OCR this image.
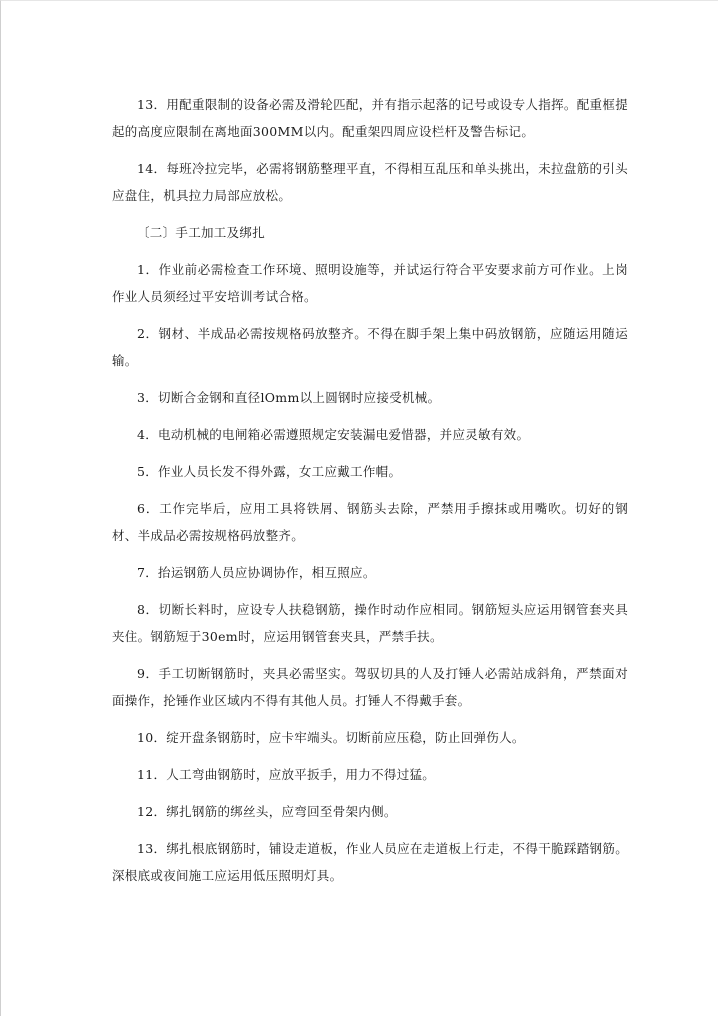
13．用配重限制的设备必需及滑轮匹配，并有指示起落的记号或设专人指挥。配重框提起的高度应限制在离地面300MM以内。配重架四周应设栏杆及警告标记。

14．每班冷拉完毕，必需将钢筋整理平直，不得相互乱压和单头挑出，未拉盘筋的引头应盘住，机具拉力局部应放松。

〔二〕手工加工及绑扎

1．作业前必需检查工作环境、照明设施等，并试运行符合平安要求前方可作业。上岗作业人员须经过平安培训考试合格。

2．钢材、半成品必需按规格码放整齐。不得在脚手架上集中码放钢筋，应随运用随运输。

3．切断合金钢和直径lOmm以上圆钢时应接受机械。

4．电动机械的电闸箱必需遵照规定安装漏电爱惜器，并应灵敏有效。

5．作业人员长发不得外露，女工应戴工作帽。

6．工作完毕后，应用工具将铁屑、钢筋头去除，严禁用手擦抹或用嘴吹。切好的钢材、半成品必需按规格码放整齐。

7．抬运钢筋人员应协调协作，相互照应。

8．切断长料时，应设专人扶稳钢筋，操作时动作应相同。钢筋短头应运用钢管套夹具夹住。钢筋短于30em时，应运用钢管套夹具，严禁手扶。

9．手工切断钢筋时，夹具必需坚实。驾驭切具的人及打锤人必需站成斜角，严禁面对面操作，抡锤作业区域内不得有其他人员。打锤人不得戴手套。

10．绽开盘条钢筋时，应卡牢端头。切断前应压稳，防止回弹伤人。

11．人工弯曲钢筋时，应放平扳手，用力不得过猛。

12．绑扎钢筋的绑丝头，应弯回至骨架内侧。

13．绑扎根底钢筋时，铺设走道板，作业人员应在走道板上行走，不得干脆踩踏钢筋。深根底或夜间施工应运用低压照明灯具。
